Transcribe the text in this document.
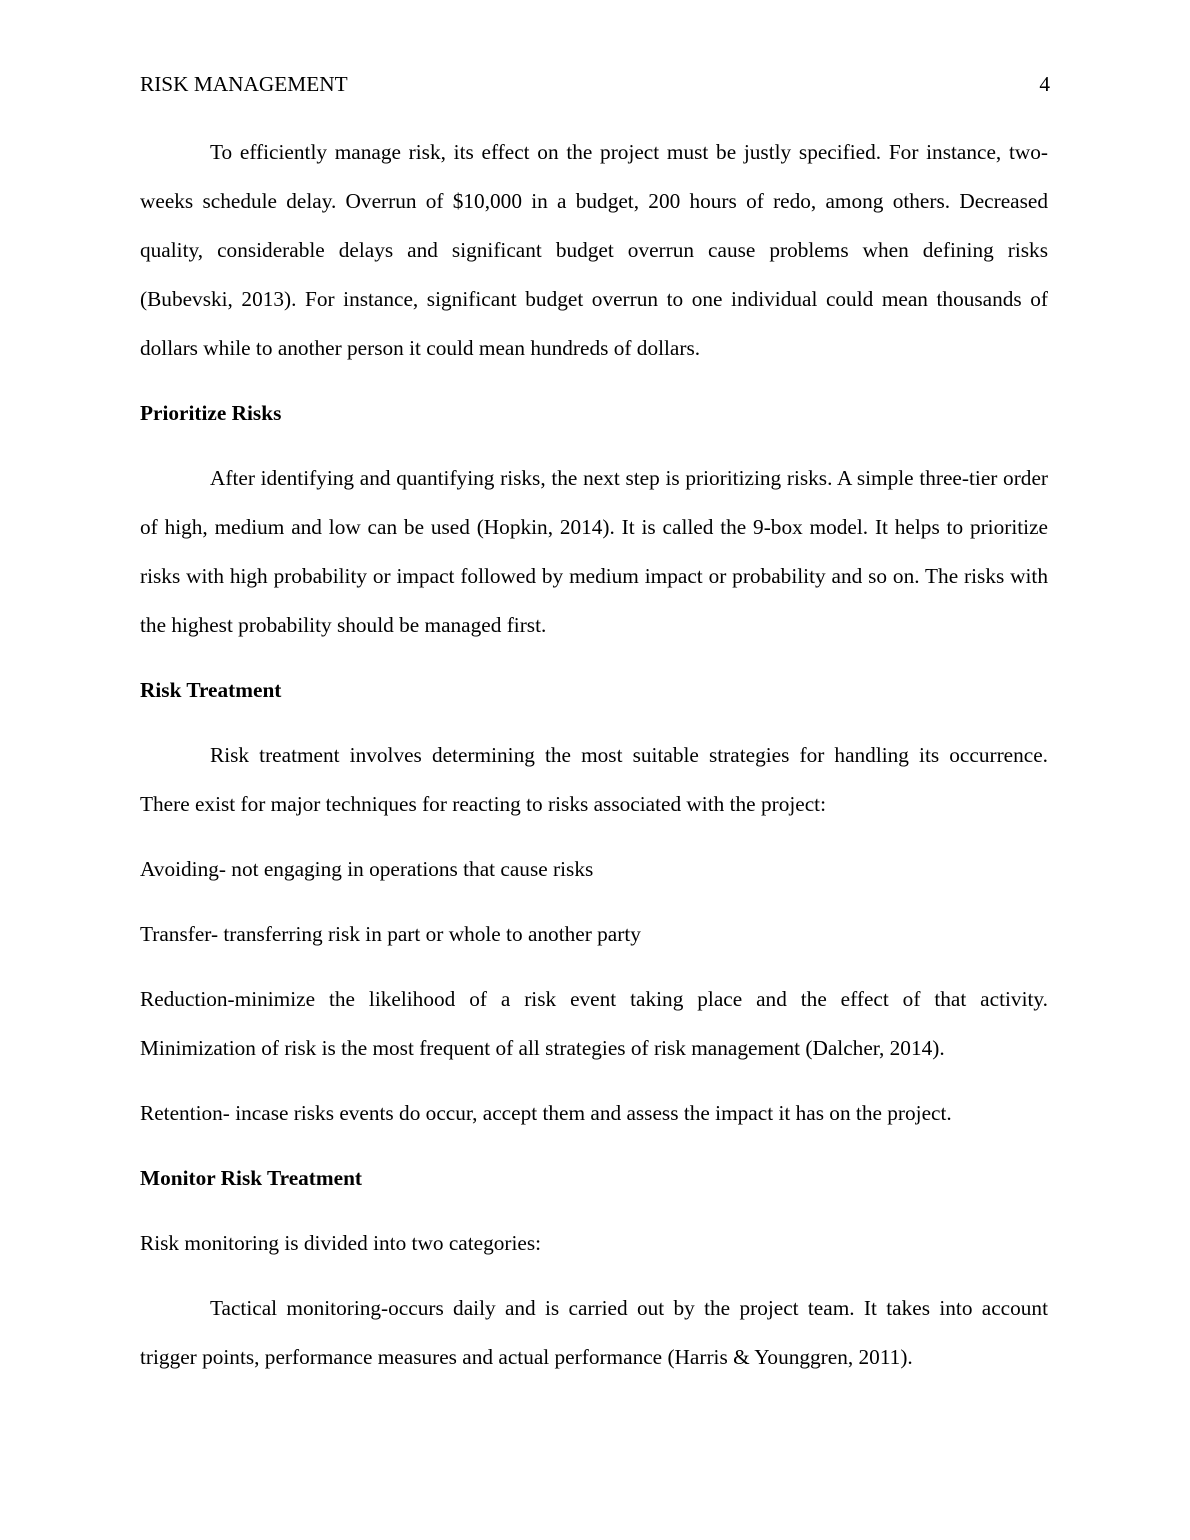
RISK MANAGEMENT	4

To efficiently manage risk, its effect on the project must be justly specified. For instance, two-weeks schedule delay. Overrun of $10,000 in a budget, 200 hours of redo, among others. Decreased quality, considerable delays and significant budget overrun cause problems when defining risks (Bubevski, 2013). For instance, significant budget overrun to one individual could mean thousands of dollars while to another person it could mean hundreds of dollars.

Prioritize Risks

After identifying and quantifying risks, the next step is prioritizing risks. A simple three-tier order of high, medium and low can be used (Hopkin, 2014). It is called the 9-box model. It helps to prioritize risks with high probability or impact followed by medium impact or probability and so on. The risks with the highest probability should be managed first.

Risk Treatment

Risk treatment involves determining the most suitable strategies for handling its occurrence. There exist for major techniques for reacting to risks associated with the project:

Avoiding- not engaging in operations that cause risks

Transfer- transferring risk in part or whole to another party

Reduction-minimize the likelihood of a risk event taking place and the effect of that activity. Minimization of risk is the most frequent of all strategies of risk management (Dalcher, 2014).

Retention- incase risks events do occur, accept them and assess the impact it has on the project.

Monitor Risk Treatment

Risk monitoring is divided into two categories:

Tactical monitoring-occurs daily and is carried out by the project team. It takes into account trigger points, performance measures and actual performance (Harris & Younggren, 2011).
